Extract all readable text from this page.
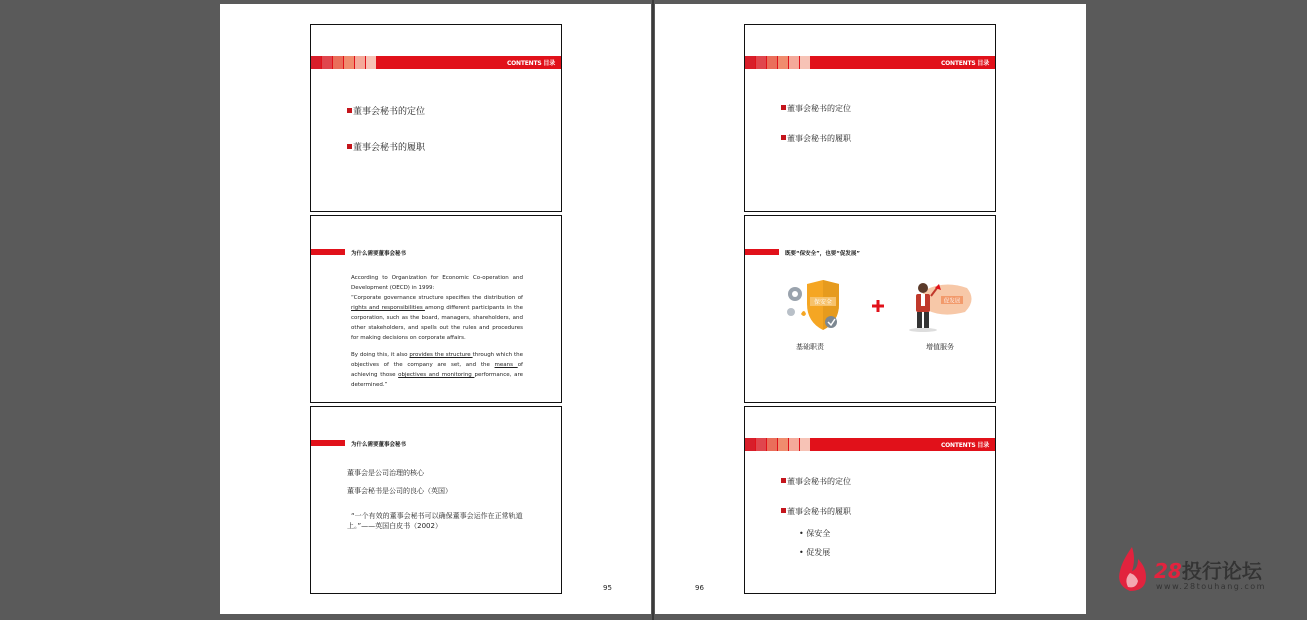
CONTENTS 目录
董事会秘书的定位
董事会秘书的履职
为什么需要董事会秘书
According to Organization for Economic Co-operation and Development (OECD) in 1999:
“Corporate governance structure specifies the distribution of rights and responsibilities among different participants in the corporation, such as the board, managers, shareholders, and other stakeholders, and spells out the rules and procedures for making decisions on corporate affairs.
By doing this, it also provides the structure through which the objectives of the company are set, and the means of achieving those objectives and monitoring performance, are determined.”
为什么需要董事会秘书
董事会是公司治理的核心
董事会秘书是公司的良心（英国）
“一个有效的董事会秘书可以确保董事会运作在正常轨道
上。”——英国白皮书（2002）
95
CONTENTS 目录
董事会秘书的定位
董事会秘书的履职
既要“保安全”，也要“促发展”
保安全	促发展
基础职责	增值服务
CONTENTS 目录
董事会秘书的定位
董事会秘书的履职
• 保安全
• 促发展
96
28投行论坛
www.28touhang.com
